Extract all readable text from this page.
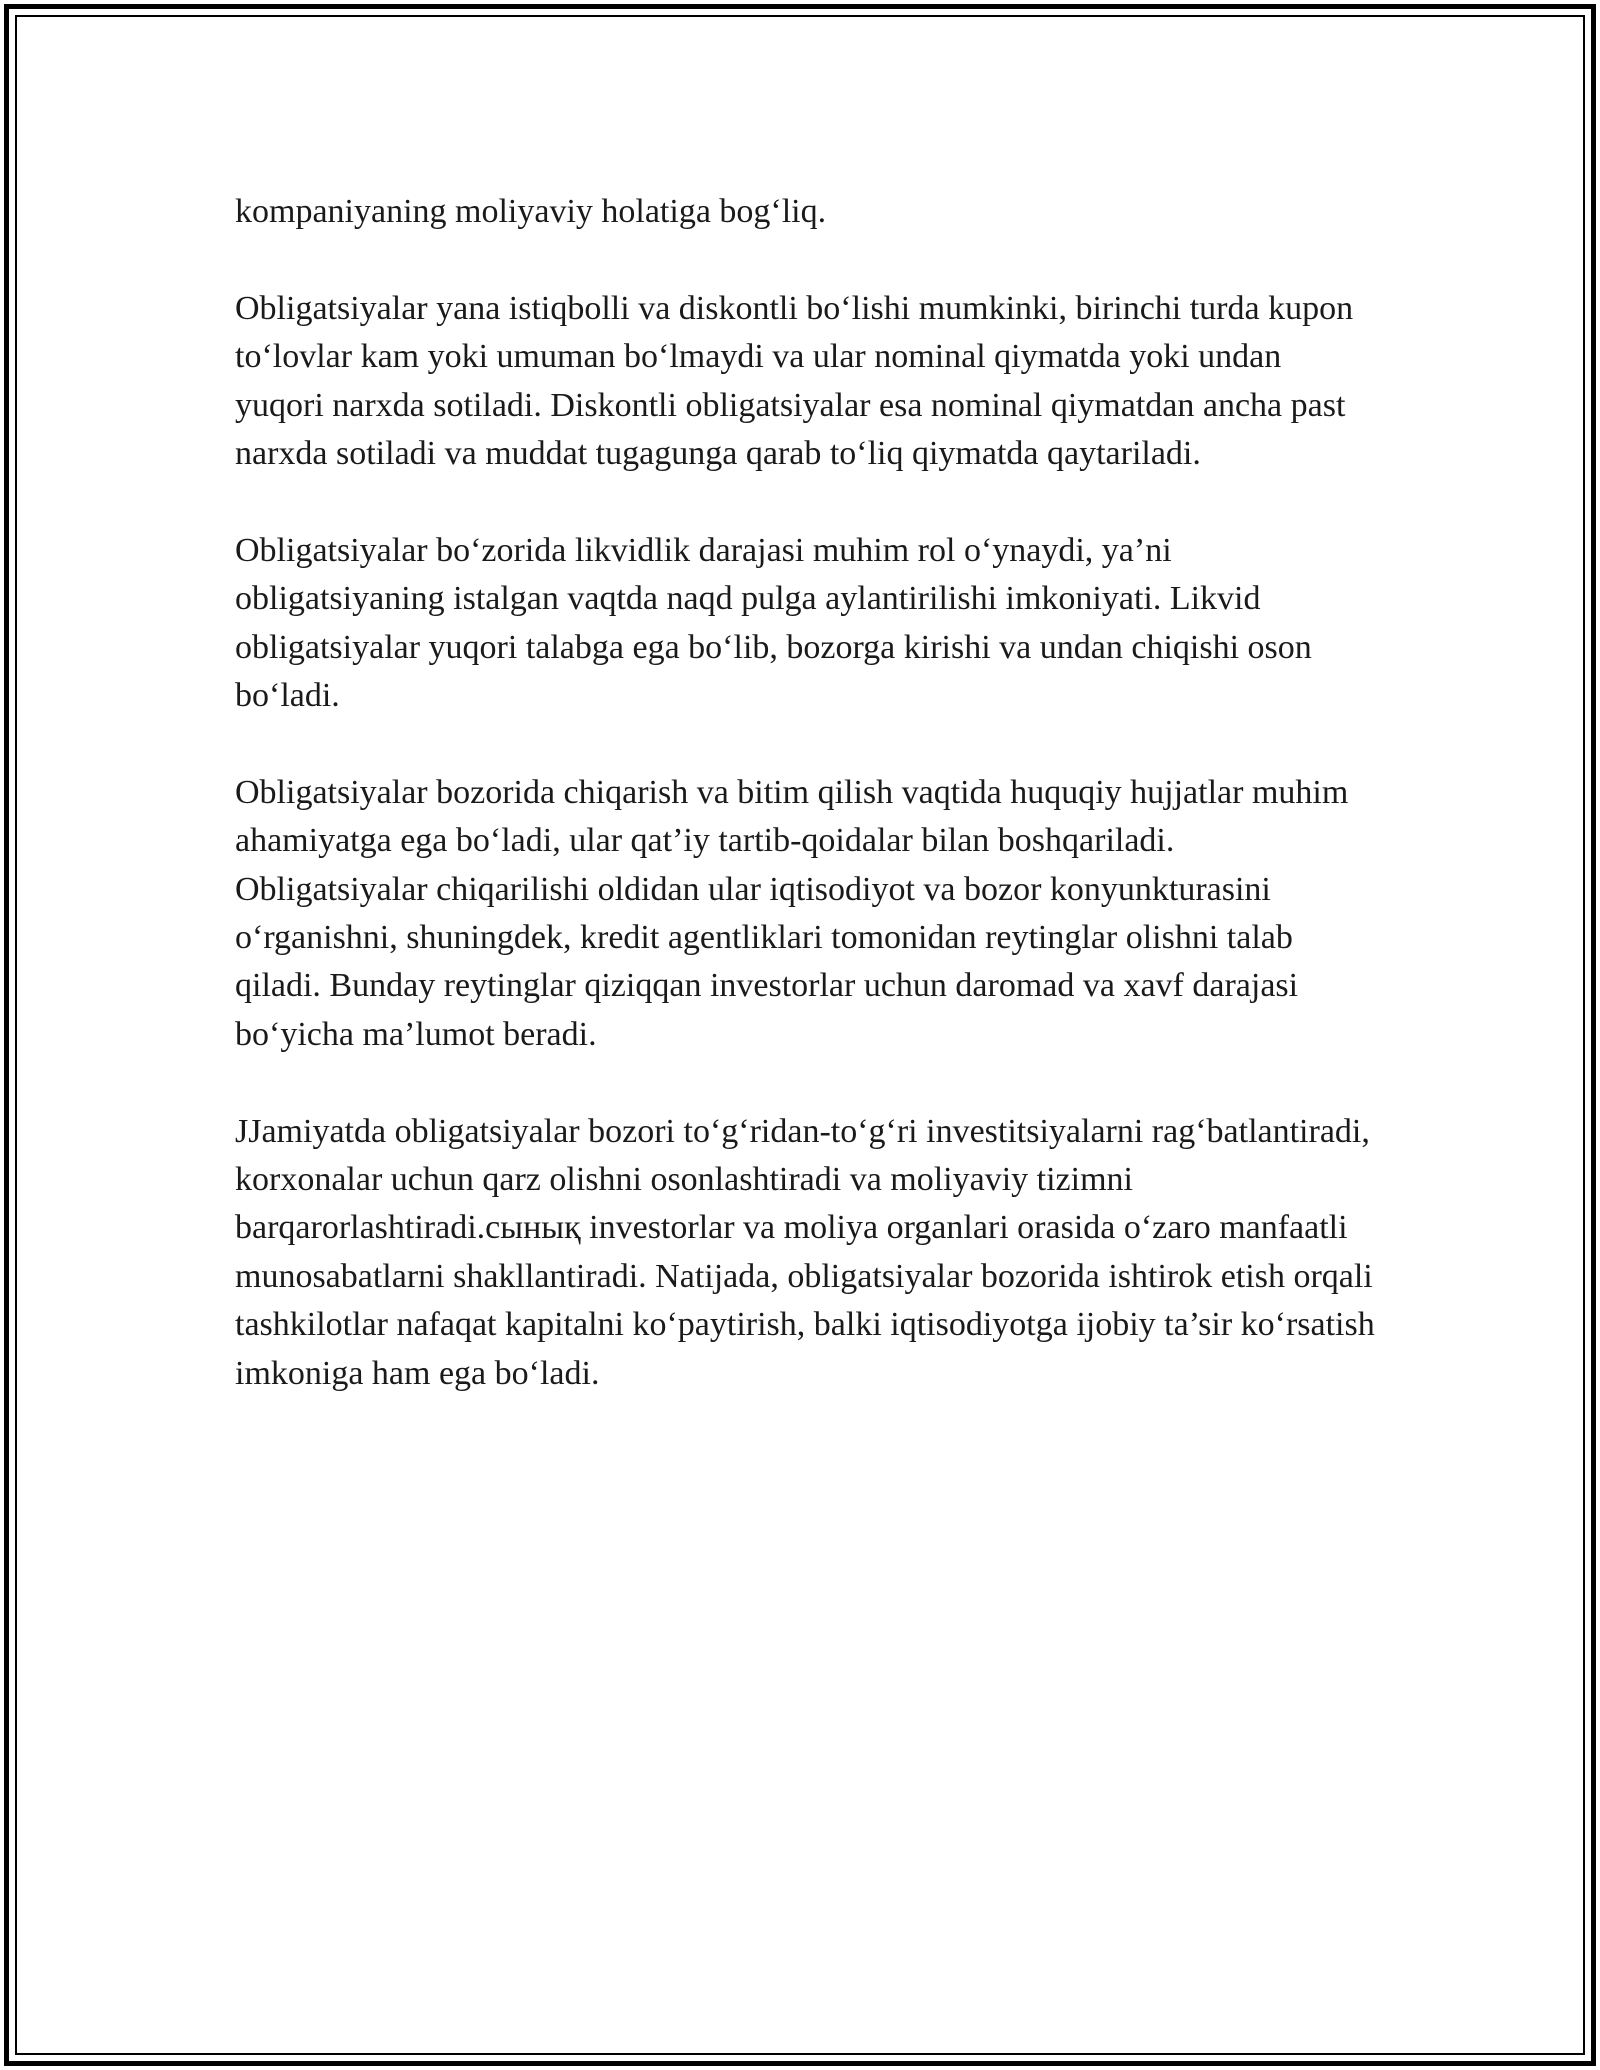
kompaniyaning moliyaviy holatiga bog‘liq.

Obligatsiyalar yana istiqbolli va diskontli bo‘lishi mumkinki, birinchi turda kupon to‘lovlar kam yoki umuman bo‘lmaydi va ular nominal qiymatda yoki undan yuqori narxda sotiladi. Diskontli obligatsiyalar esa nominal qiymatdan ancha past narxda sotiladi va muddat tugagunga qarab to‘liq qiymatda qaytariladi.

Obligatsiyalar bo‘zorida likvidlik darajasi muhim rol o‘ynaydi, ya’ni obligatsiyaning istalgan vaqtda naqd pulga aylantirilishi imkoniyati. Likvid obligatsiyalar yuqori talabga ega bo‘lib, bozorga kirishi va undan chiqishi oson bo‘ladi.

Obligatsiyalar bozorida chiqarish va bitim qilish vaqtida huquqiy hujjatlar muhim ahamiyatga ega bo‘ladi, ular qat’iy tartib-qoidalar bilan boshqariladi. Obligatsiyalar chiqarilishi oldidan ular iqtisodiyot va bozor konyunkturasini o‘rganishni, shuningdek, kredit agentliklari tomonidan reytinglar olishni talab qiladi. Bunday reytinglar qiziqqan investorlar uchun daromad va xavf darajasi bo‘yicha ma’lumot beradi.

JJamiyatda obligatsiyalar bozori to‘g‘ridan-to‘g‘ri investitsiyalarni rag‘batlantiradi, korxonalar uchun qarz olishni osonlashtiradi va moliyaviy tizimni barqarorlashtiradi.сынық investorlar va moliya organlari orasida o‘zaro manfaatli munosabatlarni shakllantiradi. Natijada, obligatsiyalar bozorida ishtirok etish orqali tashkilotlar nafaqat kapitalni ko‘paytirish, balki iqtisodiyotga ijobiy ta’sir ko‘rsatish imkoniga ham ega bo‘ladi.
